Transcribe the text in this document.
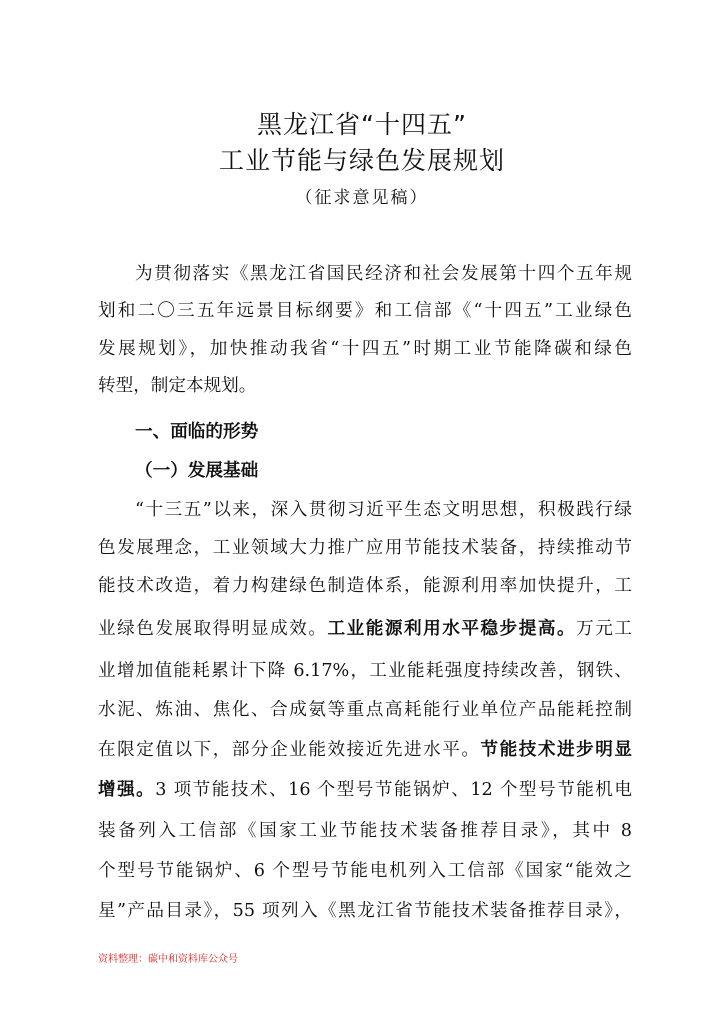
黑龙江省“十四五”
工业节能与绿色发展规划
（征求意见稿）
为贯彻落实《黑龙江省国民经济和社会发展第十四个五年规
划和二〇三五年远景目标纲要》和工信部《“十四五”工业绿色
发展规划》，加快推动我省“十四五”时期工业节能降碳和绿色
转型，制定本规划。
一、面临的形势
（一）发展基础
“十三五”以来，深入贯彻习近平生态文明思想，积极践行绿
色发展理念，工业领域大力推广应用节能技术装备，持续推动节
能技术改造，着力构建绿色制造体系，能源利用率加快提升，工
业绿色发展取得明显成效。工业能源利用水平稳步提高。万元工
业增加值能耗累计下降 6.17%，工业能耗强度持续改善，钢铁、
水泥、炼油、焦化、合成氨等重点高耗能行业单位产品能耗控制
在限定值以下，部分企业能效接近先进水平。节能技术进步明显
增强。3 项节能技术、16 个型号节能锅炉、12 个型号节能机电
装备列入工信部《国家工业节能技术装备推荐目录》，其中 8
个型号节能锅炉、6 个型号节能电机列入工信部《国家“能效之
星”产品目录》，55 项列入《黑龙江省节能技术装备推荐目录》，
资料整理：碳中和资料库公众号
